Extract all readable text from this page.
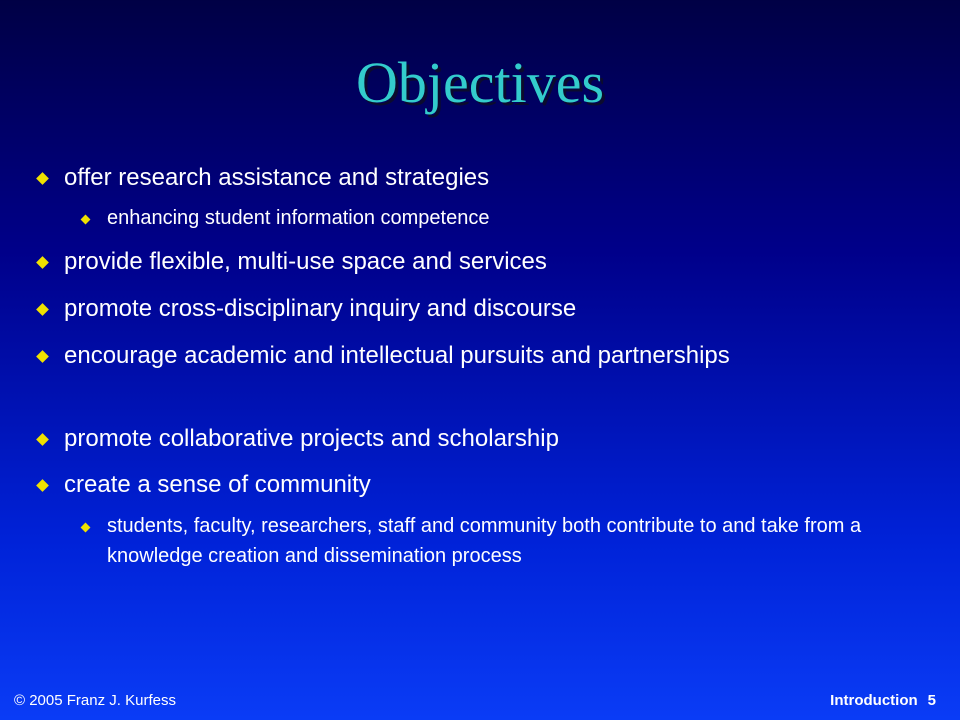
Objectives
offer research assistance and strategies
enhancing student information competence
provide flexible, multi-use space and services
promote cross-disciplinary inquiry and discourse
encourage academic and intellectual pursuits and partnerships
promote collaborative projects and scholarship
create a sense of community
students, faculty, researchers, staff and community both contribute to and take from a knowledge creation and dissemination process
© 2005 Franz J. Kurfess	Introduction 5
